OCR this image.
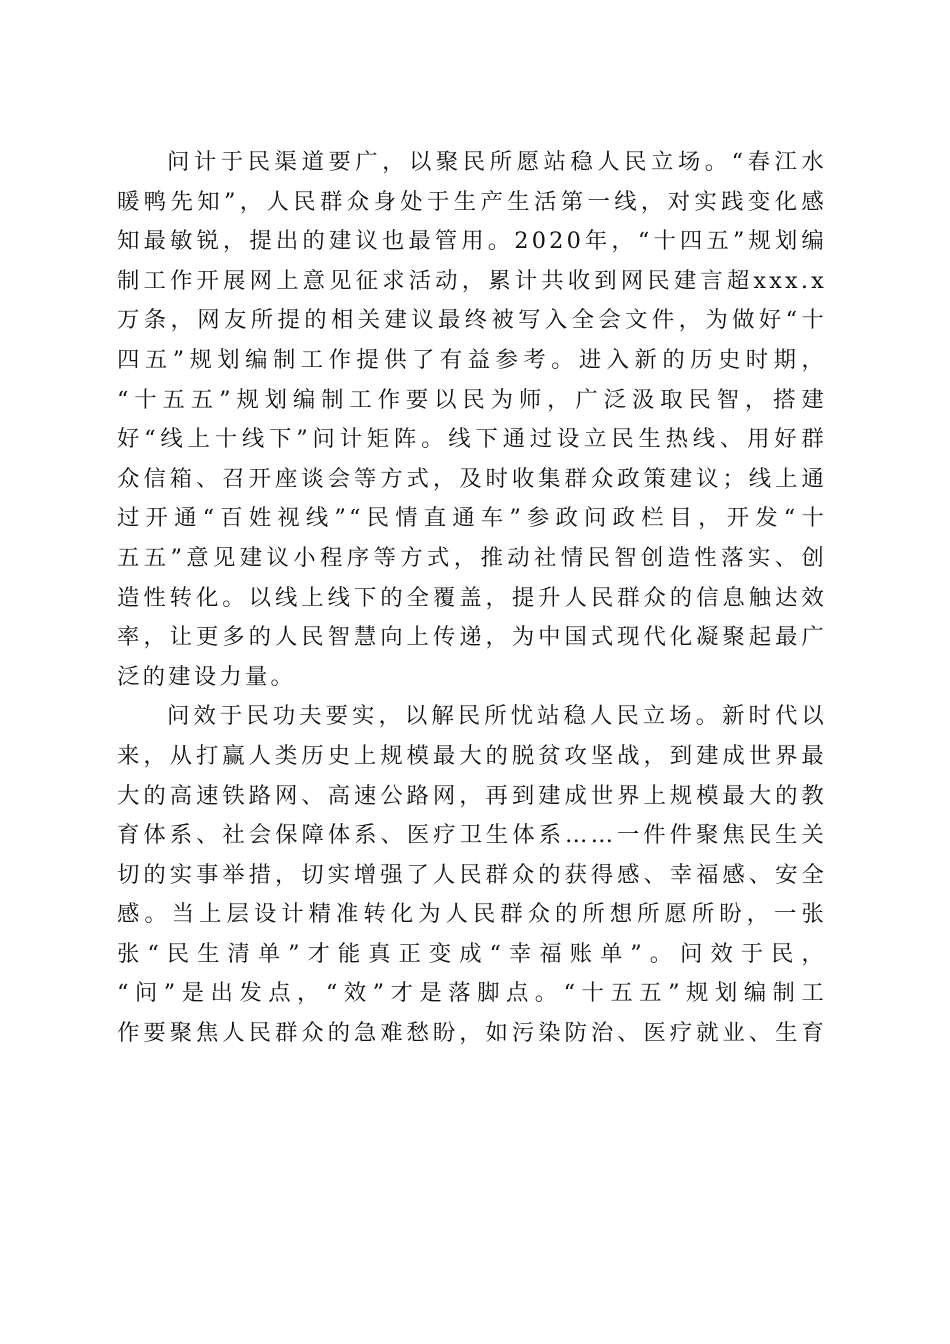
问计于民渠道要广，以聚民所愿站稳人民立场。“春江水
暖鸭先知”，人民群众身处于生产生活第一线，对实践变化感
知最敏锐，提出的建议也最管用。2020年，“十四五”规划编
制工作开展网上意见征求活动，累计共收到网民建言超xxx.x
万条，网友所提的相关建议最终被写入全会文件，为做好“十
四五”规划编制工作提供了有益参考。进入新的历史时期，
“十五五”规划编制工作要以民为师，广泛汲取民智，搭建
好“线上十线下”问计矩阵。线下通过设立民生热线、用好群
众信箱、召开座谈会等方式，及时收集群众政策建议；线上通
过开通“百姓视线”“民情直通车”参政问政栏目，开发“十
五五”意见建议小程序等方式，推动社情民智创造性落实、创
造性转化。以线上线下的全覆盖，提升人民群众的信息触达效
率，让更多的人民智慧向上传递，为中国式现代化凝聚起最广
泛的建设力量。
问效于民功夫要实，以解民所忧站稳人民立场。新时代以
来，从打赢人类历史上规模最大的脱贫攻坚战，到建成世界最
大的高速铁路网、高速公路网，再到建成世界上规模最大的教
育体系、社会保障体系、医疗卫生体系……一件件聚焦民生关
切的实事举措，切实增强了人民群众的获得感、幸福感、安全
感。当上层设计精准转化为人民群众的所想所愿所盼，一张
张“民生清单”才能真正变成“幸福账单”。问效于民，
“问”是出发点，“效”才是落脚点。“十五五”规划编制工
作要聚焦人民群众的急难愁盼，如污染防治、医疗就业、生育
